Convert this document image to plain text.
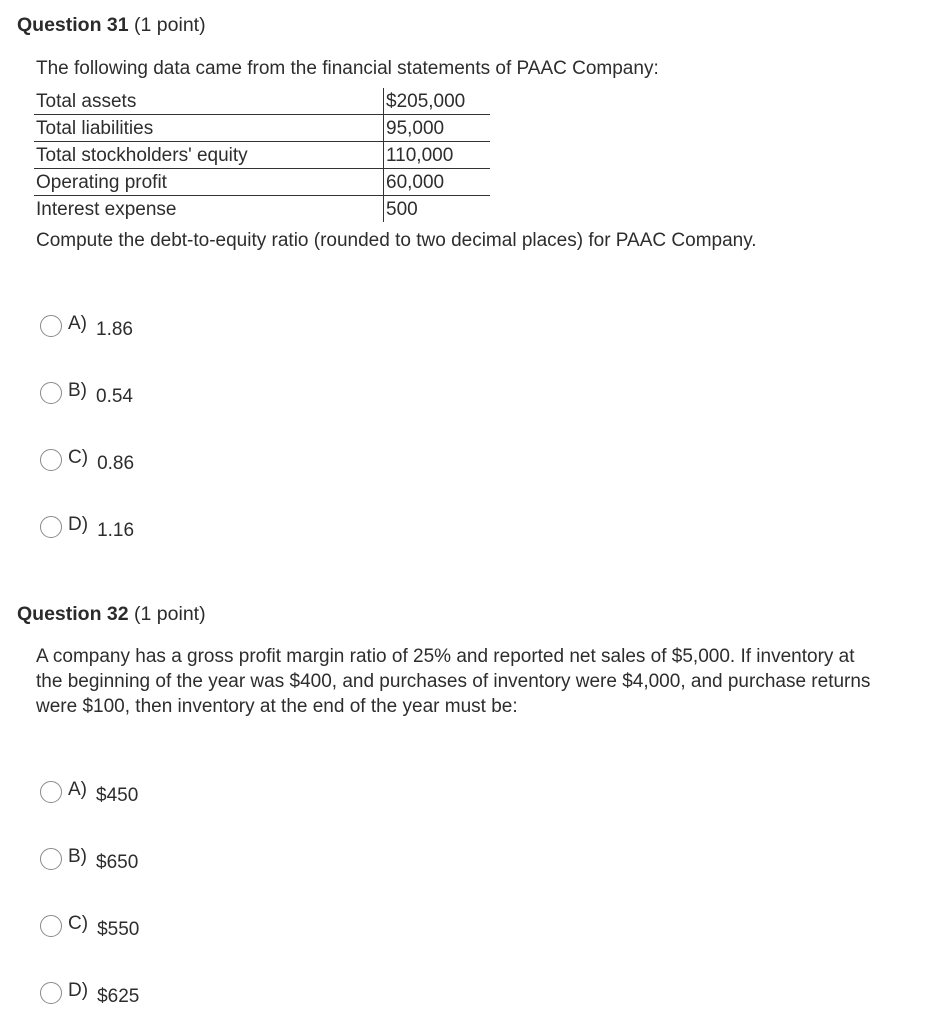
Question 31 (1 point)

The following data came from the financial statements of PAAC Company:

Total assets	$205,000
Total liabilities	95,000
Total stockholders' equity	110,000
Operating profit	60,000
Interest expense	500

Compute the debt-to-equity ratio (rounded to two decimal places) for PAAC Company.

A) 1.86
B) 0.54
C) 0.86
D) 1.16
Question 32 (1 point)

A company has a gross profit margin ratio of 25% and reported net sales of $5,000. If inventory at the beginning of the year was $400, and purchases of inventory were $4,000, and purchase returns were $100, then inventory at the end of the year must be:

A) $450
B) $650
C) $550
D) $625
